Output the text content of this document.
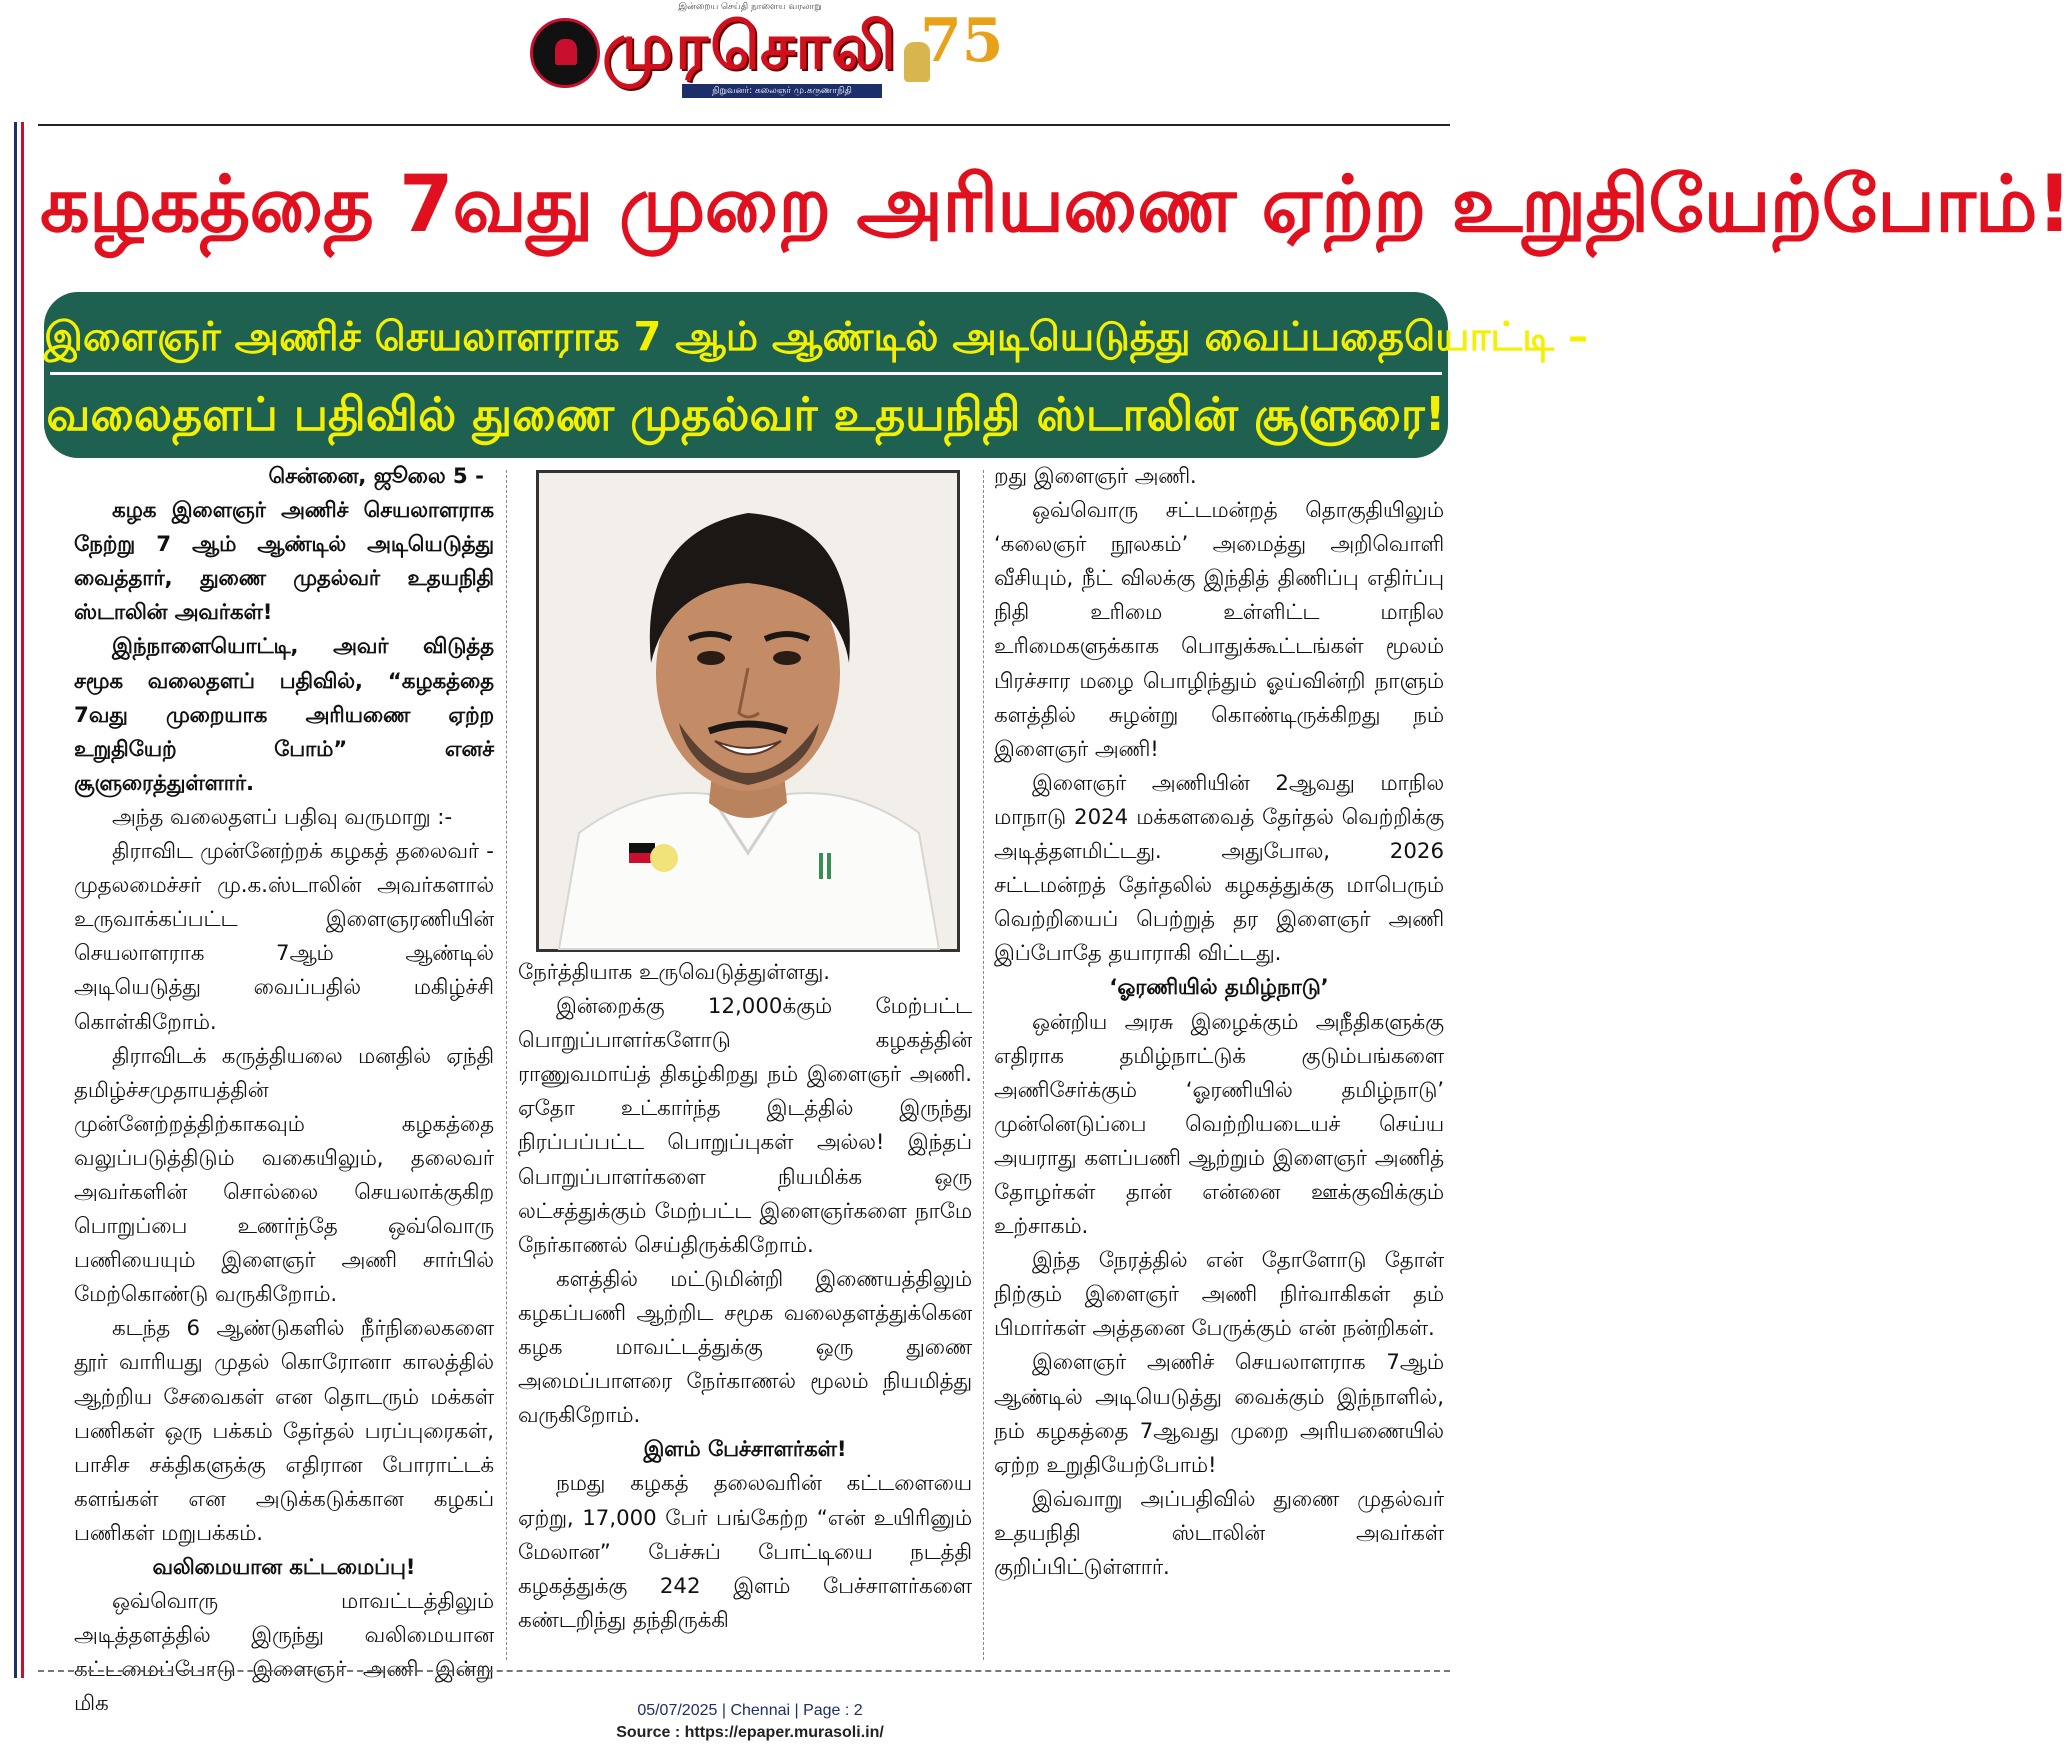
இன்றைய செய்தி நாளைய வரலாறு
முரசொலி
நிறுவனர்: கலைஞர் மு.கருணாநிதி
75
கழகத்தை 7வது முறை அரியணை ஏற்ற உறுதியேற்போம்!
இளைஞர் அணிச் செயலாளராக 7 ஆம் ஆண்டில் அடியெடுத்து வைப்பதையொட்டி –
வலைதளப் பதிவில் துணை முதல்வர் உதயநிதி ஸ்டாலின் சூளுரை!

சென்னை, ஜூலை 5 -

கழக இளைஞர் அணிச் செயலாளராக நேற்று 7 ஆம் ஆண்டில் அடியெடுத்து வைத்தார், துணை முதல்வர் உதயநிதி ஸ்டாலின் அவர்கள்!

இந்நாளையொட்டி, அவர் விடுத்த சமூக வலைதளப் பதிவில், “கழகத்தை 7வது முறையாக அரியணை ஏற்ற உறுதியேற் போம்” எனச் சூளுரைத்துள்ளார்.

அந்த வலைதளப் பதிவு வருமாறு :-

திராவிட முன்னேற்றக் கழகத் தலைவர் - முதலமைச்சர் மு.க.ஸ்டாலின் அவர்களால் உருவாக்கப்பட்ட இளைஞரணியின் செயலாளராக 7ஆம் ஆண்டில் அடியெடுத்து வைப்பதில் மகிழ்ச்சி கொள்கிறோம்.

திராவிடக் கருத்தியலை மனதில் ஏந்தி தமிழ்ச்சமுதாயத்தின் முன்னேற்றத்திற்காகவும் கழகத்தை வலுப்படுத்திடும் வகையிலும், தலைவர் அவர்களின் சொல்லை செயலாக்குகிற பொறுப்பை உணர்ந்தே ஒவ்வொரு பணியையும் இளைஞர் அணி சார்பில் மேற்கொண்டு வருகிறோம்.

கடந்த 6 ஆண்டுகளில் நீர்நிலைகளை தூர் வாரியது முதல் கொரோனா காலத்தில் ஆற்றிய சேவைகள் என தொடரும் மக்கள் பணிகள் ஒரு பக்கம் தேர்தல் பரப்புரைகள், பாசிச சக்திகளுக்கு எதிரான போராட்டக் களங்கள் என அடுக்கடுக்கான கழகப் பணிகள் மறுபக்கம்.

வலிமையான கட்டமைப்பு!

ஒவ்வொரு மாவட்டத்திலும் அடித்தளத்தில் இருந்து வலிமையான கட்டமைப்போடு இளைஞர் அணி இன்று மிக

நேர்த்தியாக உருவெடுத்துள்ளது.

இன்றைக்கு 12,000க்கும் மேற்பட்ட பொறுப்பாளர்களோடு கழகத்தின் ராணுவமாய்த் திகழ்கிறது நம் இளைஞர் அணி. ஏதோ உட்கார்ந்த இடத்தில் இருந்து நிரப்பப்பட்ட பொறுப்புகள் அல்ல! இந்தப் பொறுப்பாளர்களை நியமிக்க ஒரு லட்சத்துக்கும் மேற்பட்ட இளைஞர்களை நாமே நேர்காணல் செய்திருக்கிறோம்.

களத்தில் மட்டுமின்றி இணையத்திலும் கழகப்பணி ஆற்றிட சமூக வலைதளத்துக்கென கழக மாவட்டத்துக்கு ஒரு துணை அமைப்பாளரை நேர்காணல் மூலம் நியமித்து வருகிறோம்.

இளம் பேச்சாளர்கள்!

நமது கழகத் தலைவரின் கட்டளையை ஏற்று, 17,000 பேர் பங்கேற்ற “என் உயிரினும் மேலான” பேச்சுப் போட்டியை நடத்தி கழகத்துக்கு 242 இளம் பேச்சாளர்களை கண்டறிந்து தந்திருக்கி

றது இளைஞர் அணி.

ஒவ்வொரு சட்டமன்றத் தொகுதியிலும் ‘கலைஞர் நூலகம்’ அமைத்து அறிவொளி வீசியும், நீட் விலக்கு இந்தித் திணிப்பு எதிர்ப்பு நிதி உரிமை உள்ளிட்ட மாநில உரிமைகளுக்காக பொதுக்கூட்டங்கள் மூலம் பிரச்சார மழை பொழிந்தும் ஓய்வின்றி நாளும் களத்தில் சுழன்று கொண்டிருக்கிறது நம் இளைஞர் அணி!

இளைஞர் அணியின் 2ஆவது மாநில மாநாடு 2024 மக்களவைத் தேர்தல் வெற்றிக்கு அடித்தளமிட்டது. அதுபோல, 2026 சட்டமன்றத் தேர்தலில் கழகத்துக்கு மாபெரும் வெற்றியைப் பெற்றுத் தர இளைஞர் அணி இப்போதே தயாராகி விட்டது.

‘ஓரணியில் தமிழ்நாடு’

ஒன்றிய அரசு இழைக்கும் அநீதிகளுக்கு எதிராக தமிழ்நாட்டுக் குடும்பங்களை அணிசேர்க்கும் ‘ஓரணியில் தமிழ்நாடு’ முன்னெடுப்பை வெற்றியடையச் செய்ய அயராது களப்பணி ஆற்றும் இளைஞர் அணித் தோழர்கள் தான் என்னை ஊக்குவிக்கும் உற்சாகம்.

இந்த நேரத்தில் என் தோளோடு தோள் நிற்கும் இளைஞர் அணி நிர்வாகிகள் தம் பிமார்கள் அத்தனை பேருக்கும் என் நன்றிகள்.

இளைஞர் அணிச் செயலாளராக 7ஆம் ஆண்டில் அடியெடுத்து வைக்கும் இந்நாளில், நம் கழகத்தை 7ஆவது முறை அரியணையில் ஏற்ற உறுதியேற்போம்!

இவ்வாறு அப்பதிவில் துணை முதல்வர் உதயநிதி ஸ்டாலின் அவர்கள் குறிப்பிட்டுள்ளார்.

05/07/2025 | Chennai | Page : 2
Source : https://epaper.murasoli.in/
